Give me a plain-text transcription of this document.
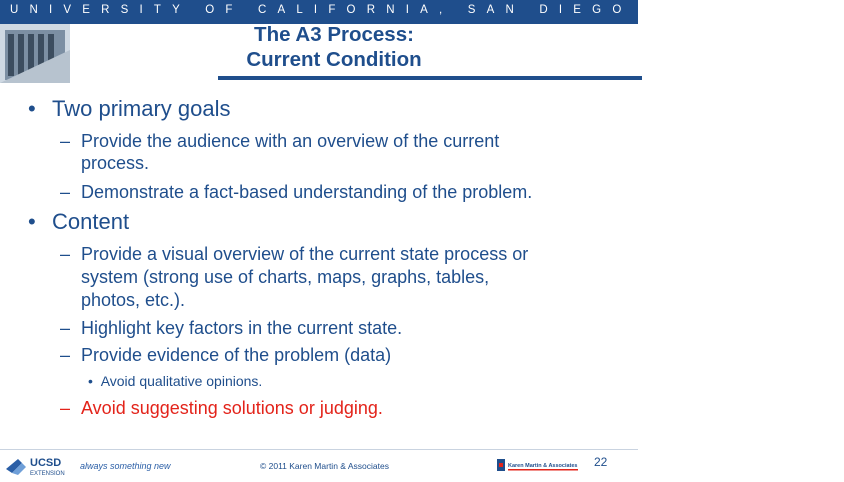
UNIVERSITY OF CALIFORNIA, SAN DIEGO · EXTENSION
The A3 Process:
Current Condition
• Two primary goals
– Provide the audience with an overview of the current
process.
– Demonstrate a fact-based understanding of the problem.
• Content
– Provide a visual overview of the current state process or
system (strong use of charts, maps, graphs, tables,
photos, etc.).
– Highlight key factors in the current state.
– Provide evidence of the problem (data)
•  Avoid qualitative opinions.
– Avoid suggesting solutions or judging.
UCSD
EXTENSION
always something new	© 2011 Karen Martin & Associates	Karen Martin & Associates 22
